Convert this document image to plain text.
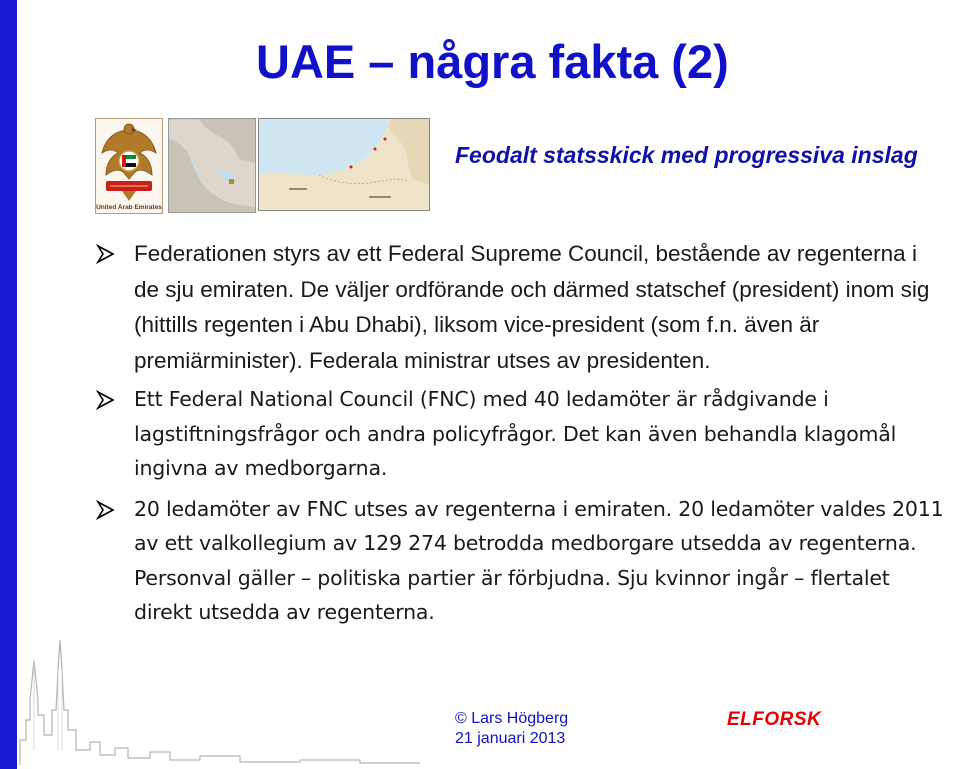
UAE – några fakta (2)
United Arab Emirates
Feodalt statsskick med progressiva inslag
Federationen styrs av ett Federal Supreme Council, bestående av regenterna i de sju emiraten. De väljer ordförande och därmed statschef (president) inom sig (hittills regenten i Abu Dhabi), liksom vice-president (som f.n. även är premiärminister). Federala ministrar utses av presidenten.
Ett Federal National Council (FNC) med 40 ledamöter är rådgivande i lagstiftningsfrågor och andra policyfrågor. Det kan även behandla klagomål ingivna av medborgarna.
20 ledamöter av FNC utses av regenterna i emiraten. 20 ledamöter valdes 2011 av ett valkollegium av 129 274 betrodda medborgare utsedda av regenterna. Personval gäller – politiska partier är förbjudna. Sju kvinnor ingår – flertalet direkt utsedda av regenterna.
© Lars Högberg
21 januari 2013
ELFORSK
